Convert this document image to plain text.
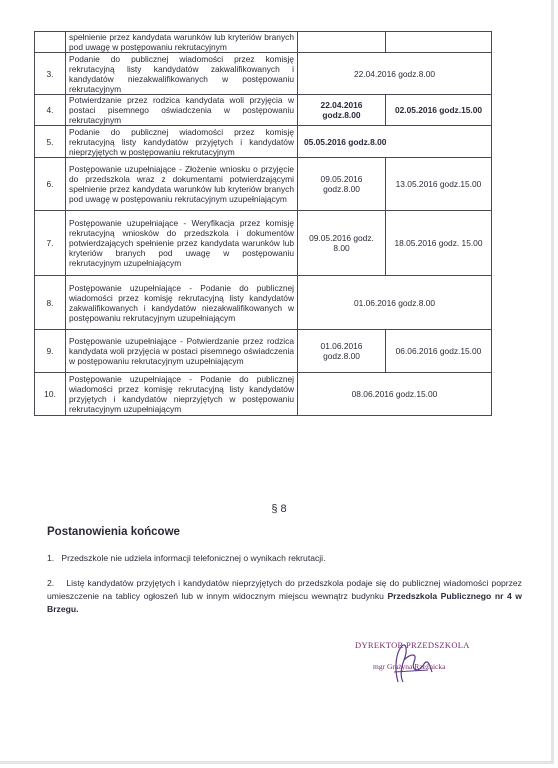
	spełnienie przez kandydata warunków lub kryteriów branych pod uwagę w postępowaniu rekrutacyjnym		
3.	Podanie do publicznej wiadomości przez komisję rekrutacyjną listy kandydatów zakwalifikowanych i kandydatów niezakwalifikowanych w postępowaniu rekrutacyjnym	22.04.2016 godz.8.00	
4.	Potwierdzanie przez rodzica kandydata woli przyjęcia w postaci pisemnego oświadczenia w postępowaniu rekrutacyjnym	22.04.2016 godz.8.00	02.05.2016 godz.15.00
5.	Podanie do publicznej wiadomości przez komisję rekrutacyjną listy kandydatów przyjętych i kandydatów nieprzyjętych w postępowaniu rekrutacyjnym	05.05.2016 godz.8.00	
6.	Postępowanie uzupełniające - Złożenie wniosku o przyjęcie do przedszkola wraz z dokumentami potwierdzającymi spełnienie przez kandydata warunków lub kryteriów branych pod uwagę w postępowaniu rekrutacyjnym uzupełniającym	09.05.2016 godz.8.00	13.05.2016 godz.15.00
7.	Postępowanie uzupełniające - Weryfikacja przez komisję rekrutacyjną wniosków do przedszkola i dokumentów potwierdzających spełnienie przez kandydata warunków lub kryteriów branych pod uwagę w postępowaniu rekrutacyjnym uzupełniającym	09.05.2016 godz. 8.00	18.05.2016 godz. 15.00
8.	Postępowanie uzupełniające - Podanie do publicznej wiadomości przez komisję rekrutacyjną listy kandydatów zakwalifikowanych i kandydatów niezakwalifikowanych w postępowaniu rekrutacyjnym uzupełniającym	01.06.2016 godz.8.00	
9.	Postępowanie uzupełniające - Potwierdzanie przez rodzica kandydata woli przyjęcia w postaci pisemnego oświadczenia w postępowaniu rekrutacyjnym uzupełniającym	01.06.2016 godz.8.00	06.06.2016 godz.15.00
10.	Postępowanie uzupełniające - Podanie do publicznej wiadomości przez komisję rekrutacyjną listy kandydatów przyjętych i kandydatów nieprzyjętych w postępowaniu rekrutacyjnym uzupełniającym	08.06.2016 godz.15.00	
§ 8
Postanowienia końcowe
1. Przedszkole nie udziela informacji telefonicznej o wynikach rekrutacji.
2. Listę kandydatów przyjętych i kandydatów nieprzyjętych do przedszkola podaje się do publicznej wiadomości poprzez umieszczenie na tablicy ogłoszeń lub w innym widocznym miejscu wewnątrz budynku Przedszkola Publicznego nr 4 w Brzegu.
DYREKTOR PRZEDSZKOLA
mgr Grażyna Rzeźnicka
